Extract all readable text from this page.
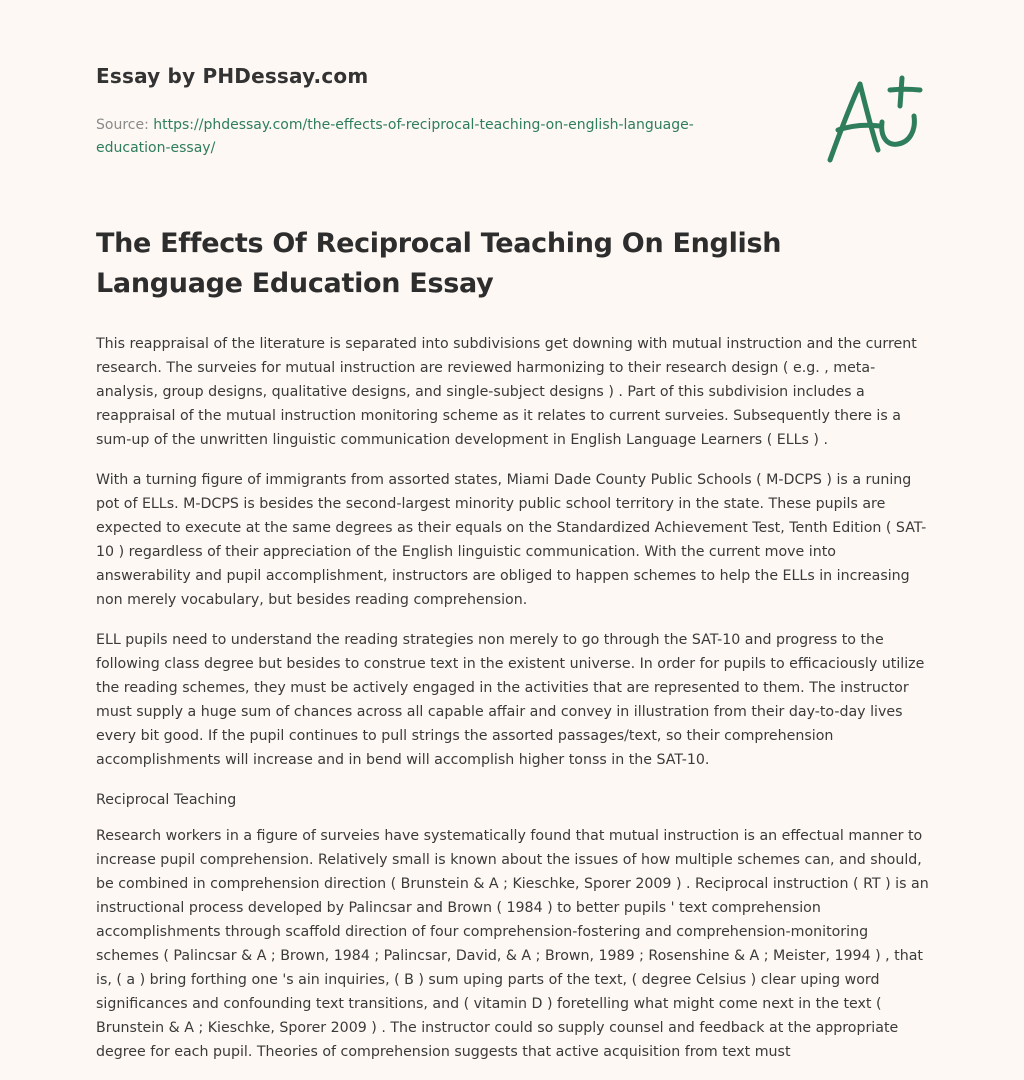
Essay by PHDessay.com
Source: https://phdessay.com/the-effects-of-reciprocal-teaching-on-english-language-education-essay/
The Effects Of Reciprocal Teaching On English Language Education Essay

This reappraisal of the literature is separated into subdivisions get downing with mutual instruction and the current research. The surveies for mutual instruction are reviewed harmonizing to their research design ( e.g. , meta-analysis, group designs, qualitative designs, and single-subject designs ) . Part of this subdivision includes a reappraisal of the mutual instruction monitoring scheme as it relates to current surveies. Subsequently there is a sum-up of the unwritten linguistic communication development in English Language Learners ( ELLs ) .

With a turning figure of immigrants from assorted states, Miami Dade County Public Schools ( M-DCPS ) is a runing pot of ELLs. M-DCPS is besides the second-largest minority public school territory in the state. These pupils are expected to execute at the same degrees as their equals on the Standardized Achievement Test, Tenth Edition ( SAT-10 ) regardless of their appreciation of the English linguistic communication. With the current move into answerability and pupil accomplishment, instructors are obliged to happen schemes to help the ELLs in increasing non merely vocabulary, but besides reading comprehension.

ELL pupils need to understand the reading strategies non merely to go through the SAT-10 and progress to the following class degree but besides to construe text in the existent universe. In order for pupils to efficaciously utilize the reading schemes, they must be actively engaged in the activities that are represented to them. The instructor must supply a huge sum of chances across all capable affair and convey in illustration from their day-to-day lives every bit good. If the pupil continues to pull strings the assorted passages/text, so their comprehension accomplishments will increase and in bend will accomplish higher tonss in the SAT-10.

Reciprocal Teaching

Research workers in a figure of surveies have systematically found that mutual instruction is an effectual manner to increase pupil comprehension. Relatively small is known about the issues of how multiple schemes can, and should, be combined in comprehension direction ( Brunstein & A ; Kieschke, Sporer 2009 ) . Reciprocal instruction ( RT ) is an instructional process developed by Palincsar and Brown ( 1984 ) to better pupils ' text comprehension accomplishments through scaffold direction of four comprehension-fostering and comprehension-monitoring schemes ( Palincsar & A ; Brown, 1984 ; Palincsar, David, & A ; Brown, 1989 ; Rosenshine & A ; Meister, 1994 ) , that is, ( a ) bring forthing one 's ain inquiries, ( B ) sum uping parts of the text, ( degree Celsius ) clear uping word significances and confounding text transitions, and ( vitamin D ) foretelling what might come next in the text ( Brunstein & A ; Kieschke, Sporer 2009 ) . The instructor could so supply counsel and feedback at the appropriate degree for each pupil. Theories of comprehension suggests that active acquisition from text must
